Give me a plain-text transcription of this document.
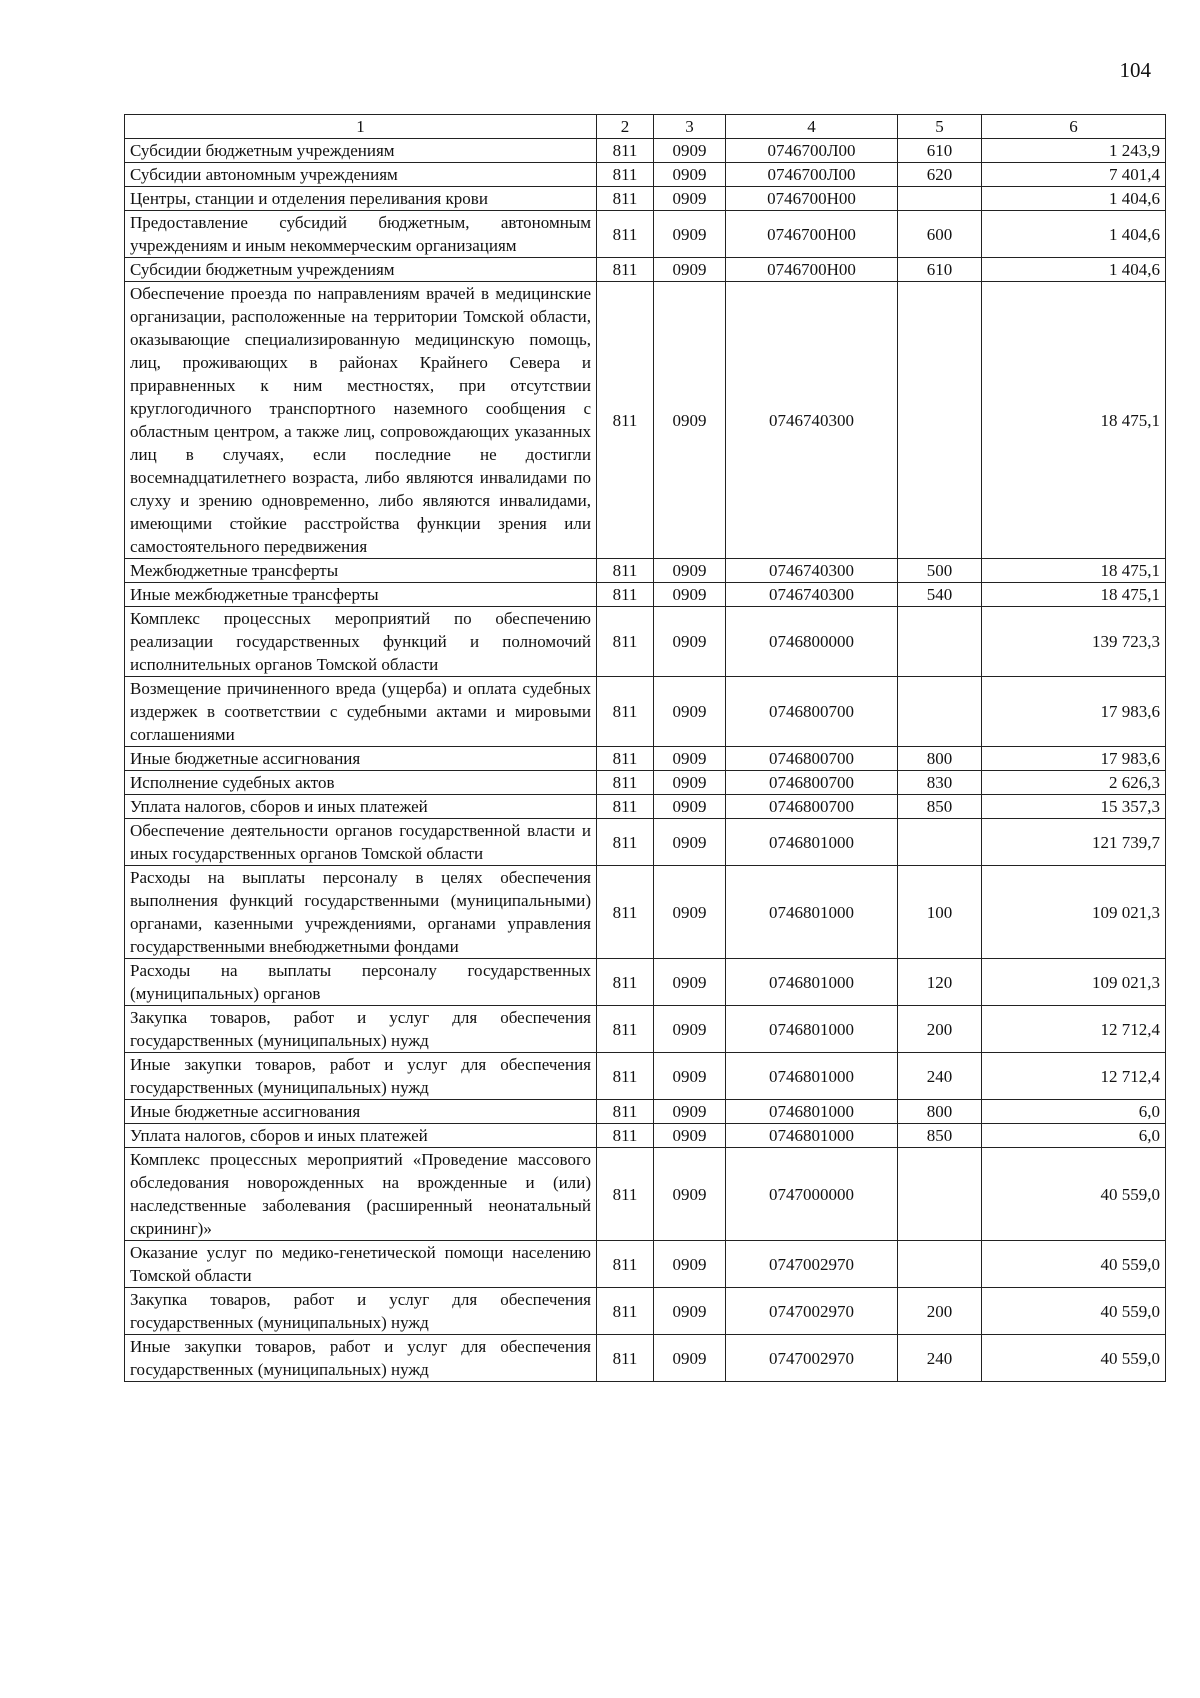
104
1	2	3	4	5	6
Субсидии бюджетным учреждениям	811	0909	0746700Л00	610	1 243,9
Субсидии автономным учреждениям	811	0909	0746700Л00	620	7 401,4
Центры, станции и отделения переливания крови	811	0909	0746700Н00		1 404,6
Предоставление субсидий бюджетным, автономным учреждениям и иным некоммерческим организациям	811	0909	0746700Н00	600	1 404,6
Субсидии бюджетным учреждениям	811	0909	0746700Н00	610	1 404,6
Обеспечение проезда по направлениям врачей в медицинские организации, расположенные на территории Томской области, оказывающие специализированную медицинскую помощь, лиц, проживающих в районах Крайнего Севера и приравненных к ним местностях, при отсутствии круглогодичного транспортного наземного сообщения с областным центром, а также лиц, сопровождающих указанных лиц в случаях, если последние не достигли восемнадцатилетнего возраста, либо являются инвалидами по слуху и зрению одновременно, либо являются инвалидами, имеющими стойкие расстройства функции зрения или самостоятельного передвижения	811	0909	0746740300		18 475,1
Межбюджетные трансферты	811	0909	0746740300	500	18 475,1
Иные межбюджетные трансферты	811	0909	0746740300	540	18 475,1
Комплекс процессных мероприятий по обеспечению реализации государственных функций и полномочий исполнительных органов Томской области	811	0909	0746800000		139 723,3
Возмещение причиненного вреда (ущерба) и оплата судебных издержек в соответствии с судебными актами и мировыми соглашениями	811	0909	0746800700		17 983,6
Иные бюджетные ассигнования	811	0909	0746800700	800	17 983,6
Исполнение судебных актов	811	0909	0746800700	830	2 626,3
Уплата налогов, сборов и иных платежей	811	0909	0746800700	850	15 357,3
Обеспечение деятельности органов государственной власти и иных государственных органов Томской области	811	0909	0746801000		121 739,7
Расходы на выплаты персоналу в целях обеспечения выполнения функций государственными (муниципальными) органами, казенными учреждениями, органами управления государственными внебюджетными фондами	811	0909	0746801000	100	109 021,3
Расходы на выплаты персоналу государственных (муниципальных) органов	811	0909	0746801000	120	109 021,3
Закупка товаров, работ и услуг для обеспечения государственных (муниципальных) нужд	811	0909	0746801000	200	12 712,4
Иные закупки товаров, работ и услуг для обеспечения государственных (муниципальных) нужд	811	0909	0746801000	240	12 712,4
Иные бюджетные ассигнования	811	0909	0746801000	800	6,0
Уплата налогов, сборов и иных платежей	811	0909	0746801000	850	6,0
Комплекс процессных мероприятий «Проведение массового обследования новорожденных на врожденные и (или) наследственные заболевания (расширенный неонатальный скрининг)»	811	0909	0747000000		40 559,0
Оказание услуг по медико-генетической помощи населению Томской области	811	0909	0747002970		40 559,0
Закупка товаров, работ и услуг для обеспечения государственных (муниципальных) нужд	811	0909	0747002970	200	40 559,0
Иные закупки товаров, работ и услуг для обеспечения государственных (муниципальных) нужд	811	0909	0747002970	240	40 559,0
